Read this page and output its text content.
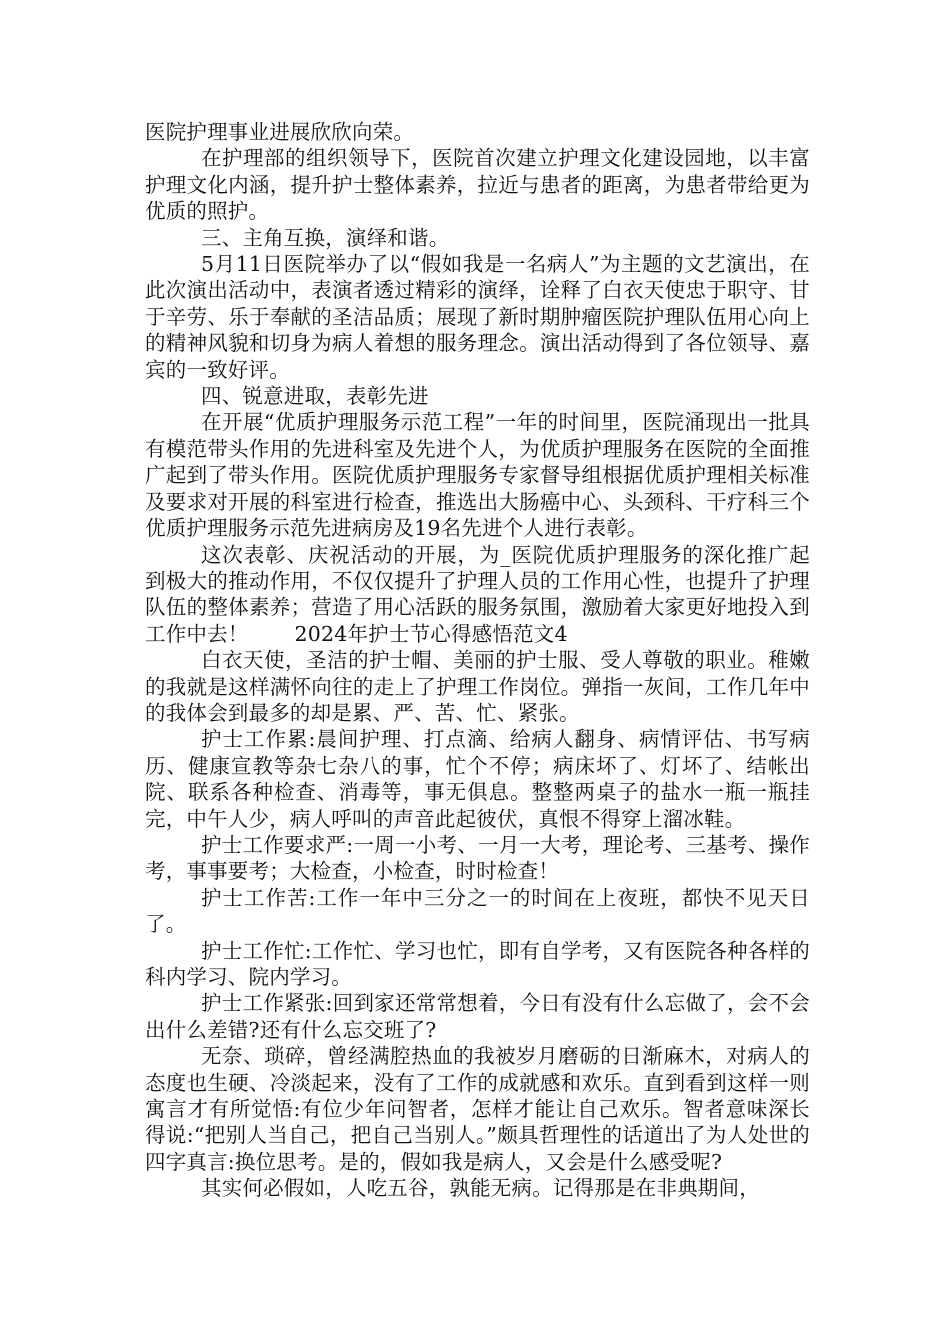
医院护理事业进展欣欣向荣。

在护理部的组织领导下，医院首次建立护理文化建设园地，以丰富护理文化内涵，提升护士整体素养，拉近与患者的距离，为患者带给更为优质的照护。

三、主角互换，演绎和谐。

5月11日医院举办了以“假如我是一名病人”为主题的文艺演出，在此次演出活动中，表演者透过精彩的演绎，诠释了白衣天使忠于职守、甘于辛劳、乐于奉献的圣洁品质；展现了新时期肿瘤医院护理队伍用心向上的精神风貌和切身为病人着想的服务理念。演出活动得到了各位领导、嘉宾的一致好评。

四、锐意进取，表彰先进

在开展“优质护理服务示范工程”一年的时间里，医院涌现出一批具有模范带头作用的先进科室及先进个人，为优质护理服务在医院的全面推广起到了带头作用。医院优质护理服务专家督导组根据优质护理相关标准及要求对开展的科室进行检查，推选出大肠癌中心、头颈科、干疗科三个优质护理服务示范先进病房及19名先进个人进行表彰。

这次表彰、庆祝活动的开展，为_医院优质护理服务的深化推广起到极大的推动作用，不仅仅提升了护理人员的工作用心性，也提升了护理队伍的整体素养；营造了用心活跃的服务氛围，激励着大家更好地投入到工作中去！ 2024年护士节心得感悟范文4

白衣天使，圣洁的护士帽、美丽的护士服、受人尊敬的职业。稚嫩的我就是这样满怀向往的走上了护理工作岗位。弹指一灰间，工作几年中的我体会到最多的却是累、严、苦、忙、紧张。

护士工作累:晨间护理、打点滴、给病人翻身、病情评估、书写病历、健康宣教等杂七杂八的事，忙个不停；病床坏了、灯坏了、结帐出院、联系各种检查、消毒等，事无俱息。整整两桌子的盐水一瓶一瓶挂完，中午人少，病人呼叫的声音此起彼伏，真恨不得穿上溜冰鞋。

护士工作要求严:一周一小考、一月一大考，理论考、三基考、操作考，事事要考；大检查，小检查，时时检查！

护士工作苦:工作一年中三分之一的时间在上夜班，都快不见天日了。

护士工作忙:工作忙、学习也忙，即有自学考，又有医院各种各样的科内学习、院内学习。

护士工作紧张:回到家还常常想着，今日有没有什么忘做了，会不会出什么差错?还有什么忘交班了?

无奈、琐碎，曾经满腔热血的我被岁月磨砺的日渐麻木，对病人的态度也生硬、冷淡起来，没有了工作的成就感和欢乐。直到看到这样一则寓言才有所觉悟:有位少年问智者，怎样才能让自己欢乐。智者意味深长得说:“把别人当自己，把自己当别人。”颇具哲理性的话道出了为人处世的四字真言:换位思考。是的，假如我是病人，又会是什么感受呢?

其实何必假如，人吃五谷，孰能无病。记得那是在非典期间，
